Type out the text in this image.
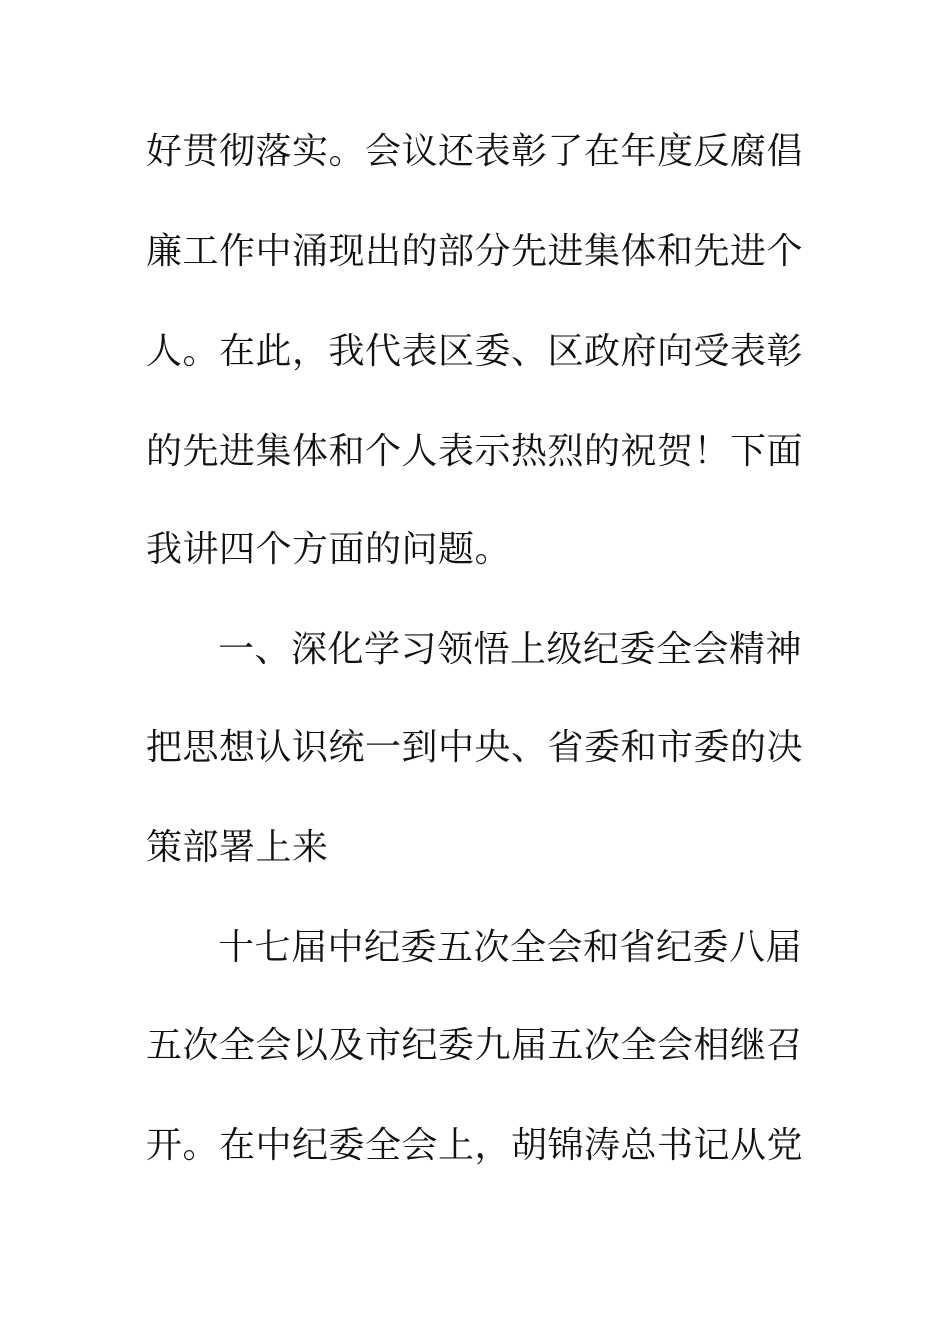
好贯彻落实。会议还表彰了在年度反腐倡
廉工作中涌现出的部分先进集体和先进个
人。在此，我代表区委、区政府向受表彰
的先进集体和个人表示热烈的祝贺！下面
我讲四个方面的问题。
一、深化学习领悟上级纪委全会精神
把思想认识统一到中央、省委和市委的决
策部署上来
十七届中纪委五次全会和省纪委八届
五次全会以及市纪委九届五次全会相继召
开。在中纪委全会上，胡锦涛总书记从党
